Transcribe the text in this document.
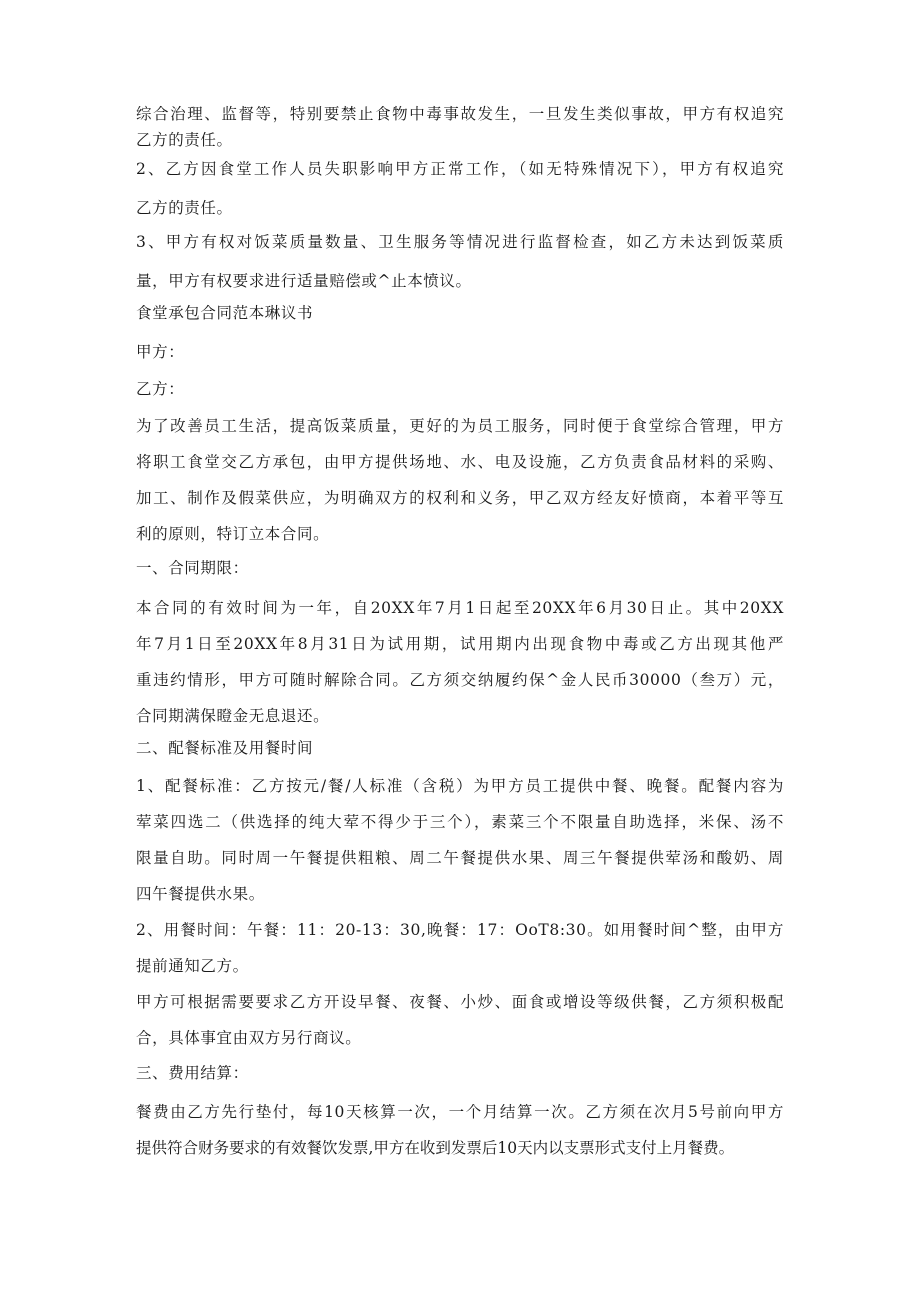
综合治理、监督等，特别要禁止食物中毒事故发生，一旦发生类似事故，甲方有权追究
乙方的责任。
2、乙方因食堂工作人员失职影响甲方正常工作，（如无特殊情况下），甲方有权追究
乙方的责任。
3、甲方有权对饭菜质量数量、卫生服务等情况进行监督检查，如乙方未达到饭菜质
量，甲方有权要求进行适量赔偿或^止本愤议。
食堂承包合同范本琳议书
甲方：
乙方：
为了改善员工生活，提高饭菜质量，更好的为员工服务，同时便于食堂综合管理，甲方
将职工食堂交乙方承包，由甲方提供场地、水、电及设施，乙方负责食品材料的采购、
加工、制作及假菜供应，为明确双方的权利和义务，甲乙双方经友好愤商，本着平等互
利的原则，特订立本合同。
一、合同期限：
本合同的有效时间为一年，自20XX年7月1日起至20XX年6月30日止。其中20XX
年7月1日至20XX年8月31日为试用期，试用期内出现食物中毒或乙方出现其他严
重违约情形，甲方可随时解除合同。乙方须交纳履约保^金人民币30000（叁万）元，
合同期满保瞪金无息退还。
二、配餐标准及用餐时间
1、配餐标准：乙方按元/餐/人标准（含税）为甲方员工提供中餐、晚餐。配餐内容为
荤菜四选二（供选择的纯大荤不得少于三个），素菜三个不限量自助选择，米保、汤不
限量自助。同时周一午餐提供粗粮、周二午餐提供水果、周三午餐提供荤汤和酸奶、周
四午餐提供水果。
2、用餐时间：午餐：11：20-13：30,晚餐：17：OoT8:30。如用餐时间^整，由甲方
提前通知乙方。
甲方可根据需要要求乙方开设早餐、夜餐、小炒、面食或增设等级供餐，乙方须积极配
合，具体事宜由双方另行商议。
三、费用结算：
餐费由乙方先行垫付，每10天核算一次，一个月结算一次。乙方须在次月5号前向甲方
提供符合财务要求的有效餐饮发票,甲方在收到发票后10天内以支票形式支付上月餐费。
